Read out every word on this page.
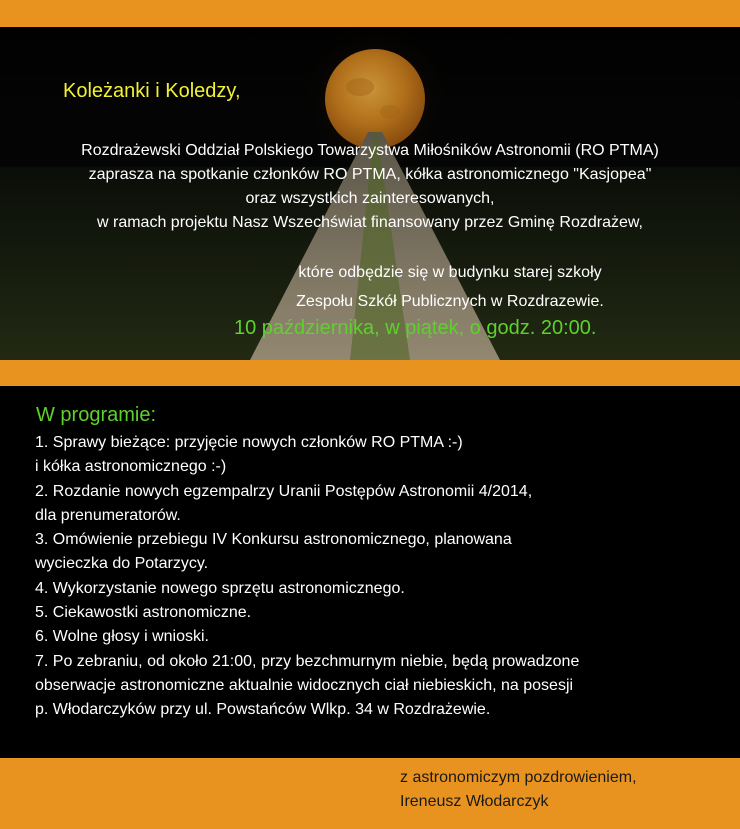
Koleżanki i Koledzy,
Rozdrażewski Oddział Polskiego Towarzystwa Miłośników Astronomii (RO PTMA)
zaprasza na spotkanie członków RO PTMA, kółka astronomicznego "Kasjopea"
oraz wszystkich zainteresowanych,
w ramach projektu Nasz Wszechświat finansowany przez Gminę Rozdrażew,
które odbędzie się w budynku starej szkoły
Zespołu Szkół Publicznych w Rozdrazewie.
10 października, w piątek, o godz. 20:00.
W programie:
1. Sprawy bieżące: przyjęcie nowych członków RO PTMA :-)
i kółka astronomicznego :-)
2. Rozdanie nowych egzempalrzy Uranii Postępów Astronomii 4/2014,
dla prenumeratorów.
3. Omówienie przebiegu IV Konkursu astronomicznego, planowana
wycieczka do Potarzycy.
4. Wykorzystanie nowego sprzętu astronomicznego.
5. Ciekawostki astronomiczne.
6. Wolne głosy i wnioski.
7. Po zebraniu, od około 21:00, przy bezchmurnym niebie, będą prowadzone
obserwacje astronomiczne aktualnie widocznych ciał niebieskich, na posesji
p. Włodarczyków przy ul. Powstańców Wlkp. 34 w Rozdrażewie.
z astronomiczym pozdrowieniem,
Ireneusz Włodarczyk
